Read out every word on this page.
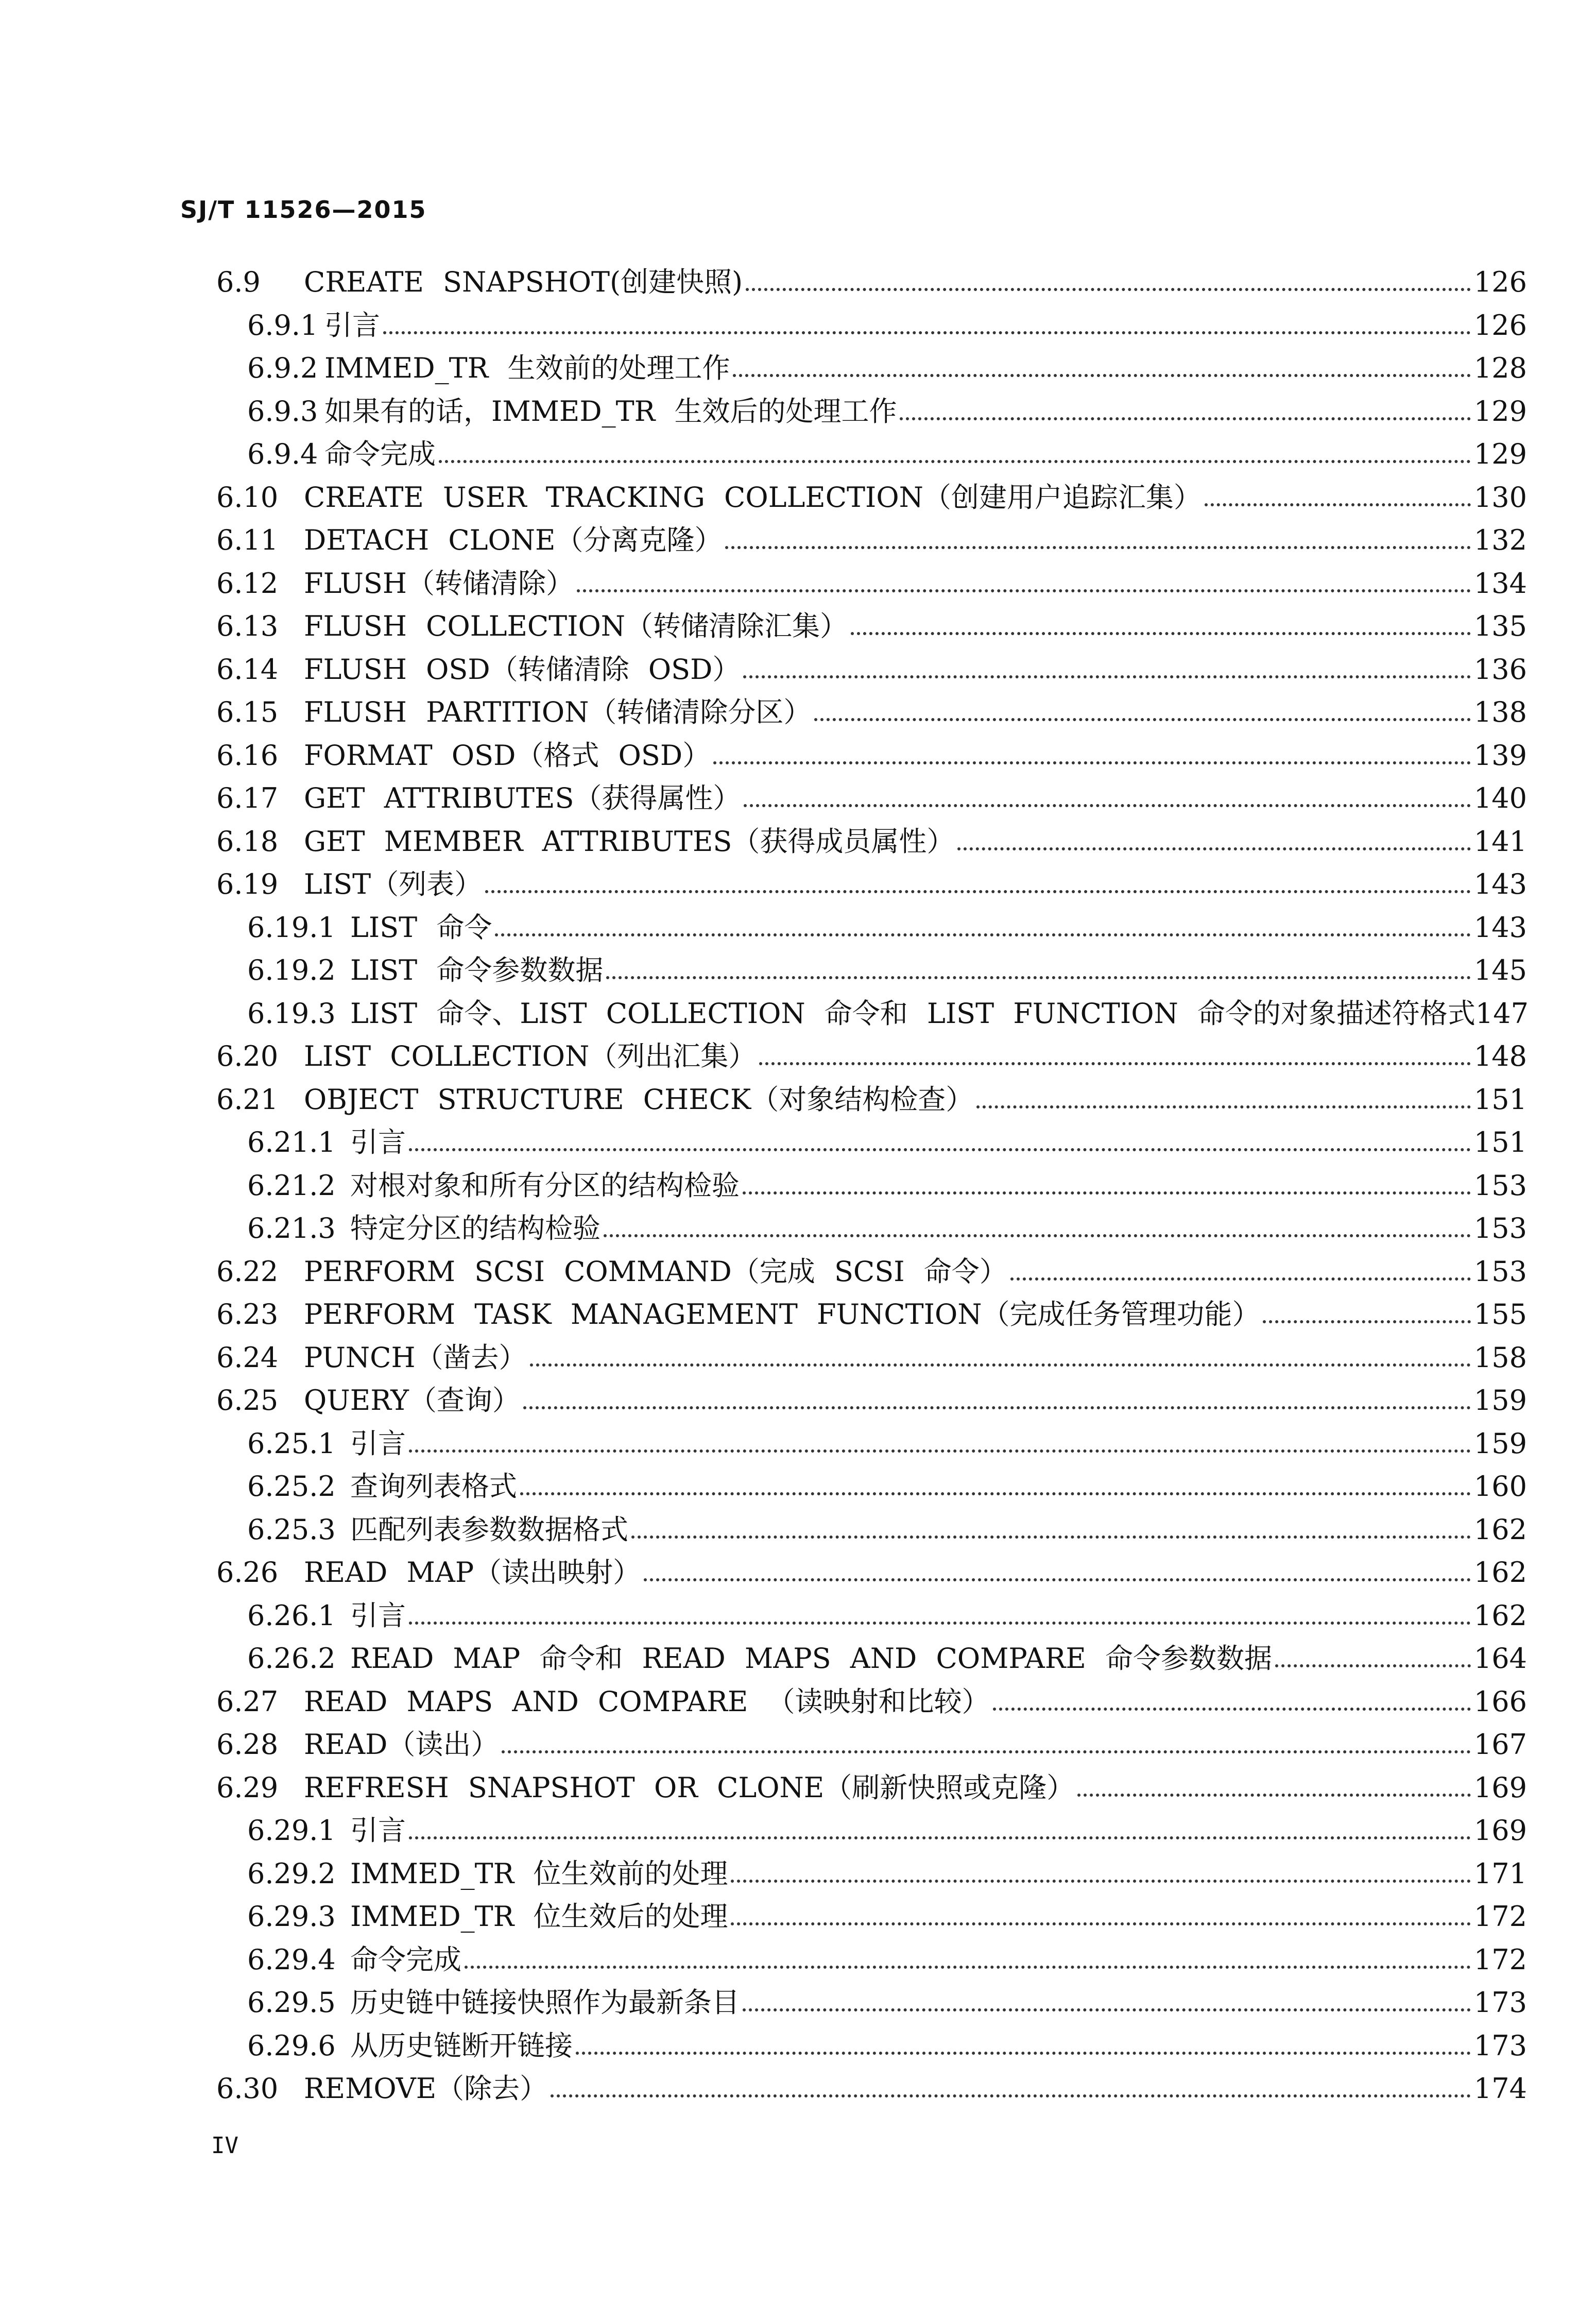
SJ/T 11526—2015
6.9	CREATE SNAPSHOT(创建快照)	126
6.9.1 引言	126
6.9.2 IMMED_TR 生效前的处理工作	128
6.9.3 如果有的话，IMMED_TR 生效后的处理工作	129
6.9.4 命令完成	129
6.10 CREATE USER TRACKING COLLECTION（创建用户追踪汇集）	130
6.11 DETACH CLONE（分离克隆）	132
6.12 FLUSH（转储清除）	134
6.13 FLUSH COLLECTION（转储清除汇集）	135
6.14 FLUSH OSD（转储清除 OSD）	136
6.15 FLUSH PARTITION（转储清除分区）	138
6.16 FORMAT OSD（格式 OSD）	139
6.17 GET ATTRIBUTES（获得属性）	140
6.18 GET MEMBER ATTRIBUTES（获得成员属性）	141
6.19 LIST（列表）	143
6.19.1 LIST 命令	143
6.19.2 LIST 命令参数数据	145
6.19.3 LIST 命令、LIST COLLECTION 命令和 LIST FUNCTION 命令的对象描述符格式 147
6.20 LIST COLLECTION（列出汇集）	148
6.21 OBJECT STRUCTURE CHECK（对象结构检查）	151
6.21.1 引言	151
6.21.2 对根对象和所有分区的结构检验	153
6.21.3 特定分区的结构检验	153
6.22 PERFORM SCSI COMMAND（完成 SCSI 命令）	153
6.23 PERFORM TASK MANAGEMENT FUNCTION（完成任务管理功能）	155
6.24 PUNCH（凿去）	158
6.25 QUERY（查询）	159
6.25.1 引言	159
6.25.2 查询列表格式	160
6.25.3 匹配列表参数数据格式	162
6.26 READ MAP（读出映射）	162
6.26.1 引言	162
6.26.2 READ MAP 命令和 READ MAPS AND COMPARE 命令参数数据	164
6.27 READ MAPS AND COMPARE （读映射和比较）	166
6.28 READ（读出）	167
6.29 REFRESH SNAPSHOT OR CLONE（刷新快照或克隆）	169
6.29.1 引言	169
6.29.2 IMMED_TR 位生效前的处理	171
6.29.3 IMMED_TR 位生效后的处理	172
6.29.4 命令完成	172
6.29.5 历史链中链接快照作为最新条目	173
6.29.6 从历史链断开链接	173
6.30 REMOVE（除去）	174
IV
